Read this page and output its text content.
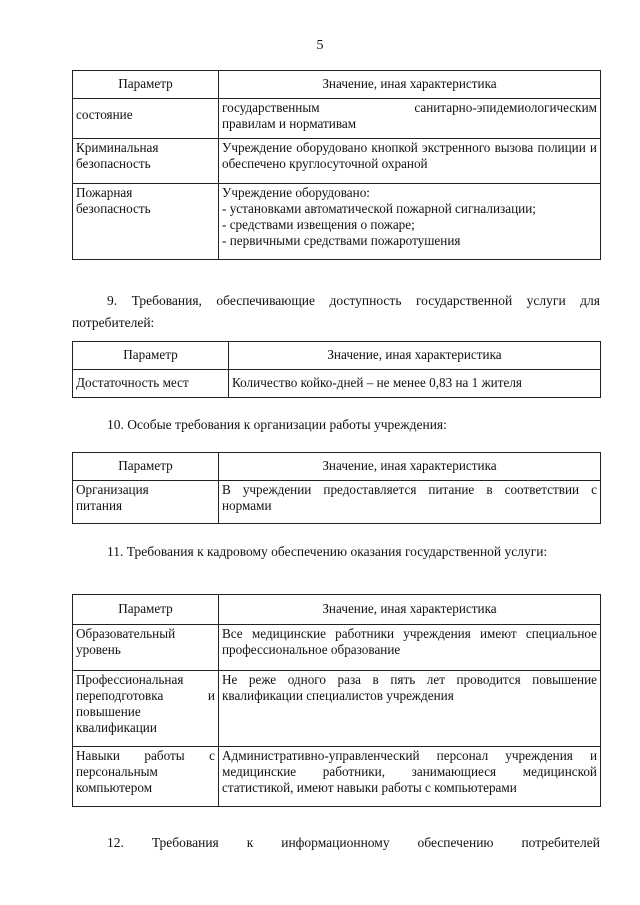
5
Параметр	Значение, иная характеристика
состояние	государственным санитарно-эпидемиологическим
правилам и нормативам

Криминальная
безопасность	Учреждение оборудовано кнопкой экстренного вызова полиции и обеспечено круглосуточной охраной

Пожарная
безопасность	Учреждение оборудовано:
- установками автоматической пожарной сигнализации;
- средствами извещения о пожаре;
- первичными средствами пожаротушения
9. Требования, обеспечивающие доступность государственной услуги для потребителей:
Параметр	Значение, иная характеристика
Достаточность мест	Количество койко-дней – не менее 0,83 на 1 жителя
10. Особые требования к организации работы учреждения:
Параметр	Значение, иная характеристика

Организация
питания	В учреждении предоставляется питание в соответствии с нормами
11. Требования к кадровому обеспечению оказания государственной услуги:
Параметр	Значение, иная характеристика

Образовательный
уровень	Все медицинские работники учреждения имеют специальное профессиональное образование
Профессиональная переподготовка и повышение квалификации	Не реже одного раза в пять лет проводится повышение квалификации специалистов учреждения
Навыки работы с персональным компьютером	Административно-управленческий персонал учреждения и медицинские работники, занимающиеся медицинской статистикой, имеют навыки работы с компьютерами
12. Требования к информационному обеспечению потребителей
